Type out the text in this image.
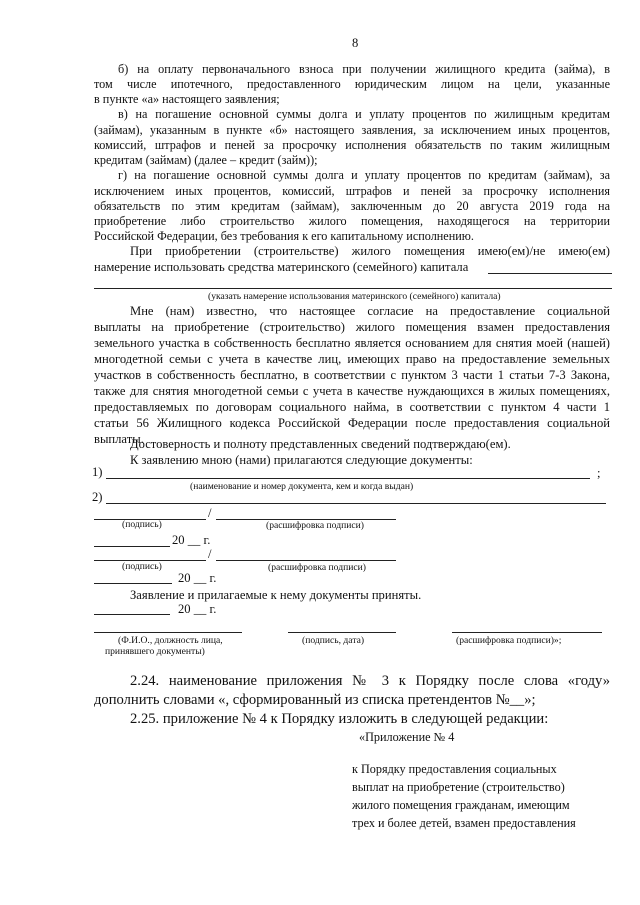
8
б) на оплату первоначального взноса при получении жилищного кредита (займа), в
том числе ипотечного, предоставленного юридическим лицом на цели, указанные
в пункте «а» настоящего заявления;
в) на погашение основной суммы долга и уплату процентов по жилищным кредитам
(займам), указанным в пункте «б» настоящего заявления, за исключением иных процентов,
комиссий, штрафов и пеней за просрочку исполнения обязательств по таким жилищным
кредитам (займам) (далее – кредит (займ));
г) на погашение основной суммы долга и уплату процентов по кредитам (займам), за
исключением иных процентов, комиссий, штрафов и пеней за просрочку исполнения
обязательств по этим кредитам (займам), заключенным до 20 августа 2019 года на
приобретение либо строительство жилого помещения, находящегося на территории
Российской Федерации, без требования к его капитальному исполнению.
При приобретении (строительстве) жилого помещения имею(ем)/не имею(ем)
намерение использовать средства материнского (семейного) капитала
(указать намерение использования материнского (семейного) капитала)
Мне (нам) известно, что настоящее согласие на предоставление социальной
выплаты на приобретение (строительство) жилого помещения взамен предоставления
земельного участка в собственность бесплатно является основанием для снятия моей (нашей)
многодетной семьи с учета в качестве лиц, имеющих право на предоставление земельных
участков в собственность бесплатно, в соответствии с пунктом 3 части 1 статьи 7-3 Закона,
также для снятия многодетной семьи с учета в качестве нуждающихся в жилых помещениях,
предоставляемых по договорам социального найма, в соответствии с пунктом 4 части 1
статьи 56 Жилищного кодекса Российской Федерации после предоставления социальной
выплаты.
Достоверность и полноту представленных сведений подтверждаю(ем).
К заявлению мною (нами) прилагаются следующие документы:
1)	;
(наименование и номер документа, кем и когда выдан)
2)
/
(подпись)	(расшифровка подписи)
20 __ г.
/
(подпись)	(расшифровка подписи)
20 __ г.
Заявление и прилагаемые к нему документы приняты.
20 __ г.
(Ф.И.О., должность лица,
принявшего документы)
(подпись, дата)	(расшифровка подписи)»;
2.24. наименование приложения № 3 к Порядку после слова «году»
дополнить словами «, сформированный из списка претендентов №__»;
2.25. приложение № 4 к Порядку изложить в следующей редакции:
«Приложение № 4
к Порядку предоставления социальных
выплат на приобретение (строительство)
жилого помещения гражданам, имеющим
трех и более детей, взамен предоставления
